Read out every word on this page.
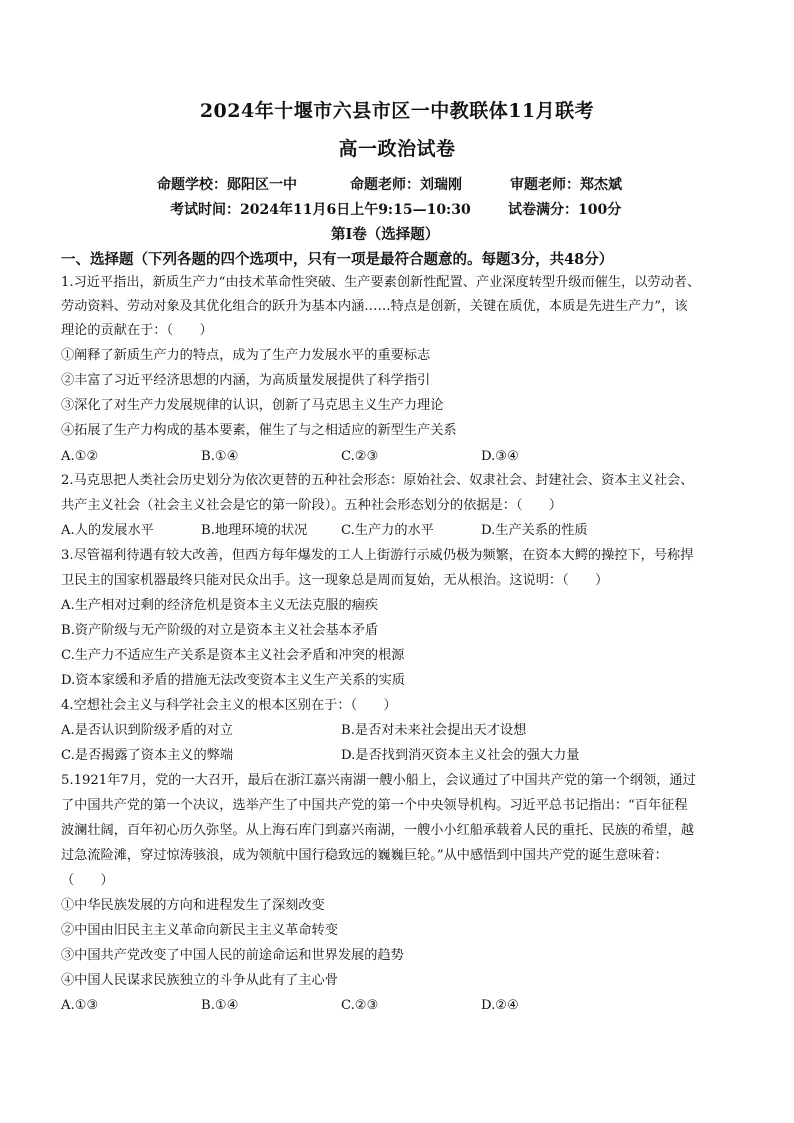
2024年十堰市六县市区一中教联体11月联考
高一政治试卷
命题学校：郧阳区一中	命题老师：刘瑞刚	审题老师：郑杰斌
考试时间：2024年11月6日上午9:15—10:30	试卷满分：100分
第Ⅰ卷（选择题）
一、选择题（下列各题的四个选项中，只有一项是最符合题意的。每题3分，共48分）
1.习近平指出，新质生产力“由技术革命性突破、生产要素创新性配置、产业深度转型升级而催生，以劳动者、
劳动资料、劳动对象及其优化组合的跃升为基本内涵……特点是创新，关键在质优，本质是先进生产力”，该
理论的贡献在于：（　　）
①阐释了新质生产力的特点，成为了生产力发展水平的重要标志
②丰富了习近平经济思想的内涵，为高质量发展提供了科学指引
③深化了对生产力发展规律的认识，创新了马克思主义生产力理论
④拓展了生产力构成的基本要素，催生了与之相适应的新型生产关系
A.①②	B.①④	C.②③	D.③④
2.马克思把人类社会历史划分为依次更替的五种社会形态：原始社会、奴隶社会、封建社会、资本主义社会、
共产主义社会（社会主义社会是它的第一阶段）。五种社会形态划分的依据是：（　　）
A.人的发展水平	B.地理环境的状况	C.生产力的水平	D.生产关系的性质
3.尽管福利待遇有较大改善，但西方每年爆发的工人上街游行示威仍极为频繁，在资本大鳄的操控下，号称捍
卫民主的国家机器最终只能对民众出手。这一现象总是周而复始，无从根治。这说明：（　　）
A.生产相对过剩的经济危机是资本主义无法克服的痼疾
B.资产阶级与无产阶级的对立是资本主义社会基本矛盾
C.生产力不适应生产关系是资本主义社会矛盾和冲突的根源
D.资本家缓和矛盾的措施无法改变资本主义生产关系的实质
4.空想社会主义与科学社会主义的根本区别在于：（　　）
A.是否认识到阶级矛盾的对立	B.是否对未来社会提出天才设想
C.是否揭露了资本主义的弊端	D.是否找到消灭资本主义社会的强大力量
5.1921年7月，党的一大召开，最后在浙江嘉兴南湖一艘小船上，会议通过了中国共产党的第一个纲领，通过
了中国共产党的第一个决议，选举产生了中国共产党的第一个中央领导机构。习近平总书记指出：“百年征程
波澜壮阔，百年初心历久弥坚。从上海石库门到嘉兴南湖，一艘小小红船承载着人民的重托、民族的希望，越
过急流险滩，穿过惊涛骇浪，成为领航中国行稳致远的巍巍巨轮。”从中感悟到中国共产党的诞生意味着：
（　　）
①中华民族发展的方向和进程发生了深刻改变
②中国由旧民主主义革命向新民主主义革命转变
③中国共产党改变了中国人民的前途命运和世界发展的趋势
④中国人民谋求民族独立的斗争从此有了主心骨
A.①③	B.①④	C.②③	D.②④
